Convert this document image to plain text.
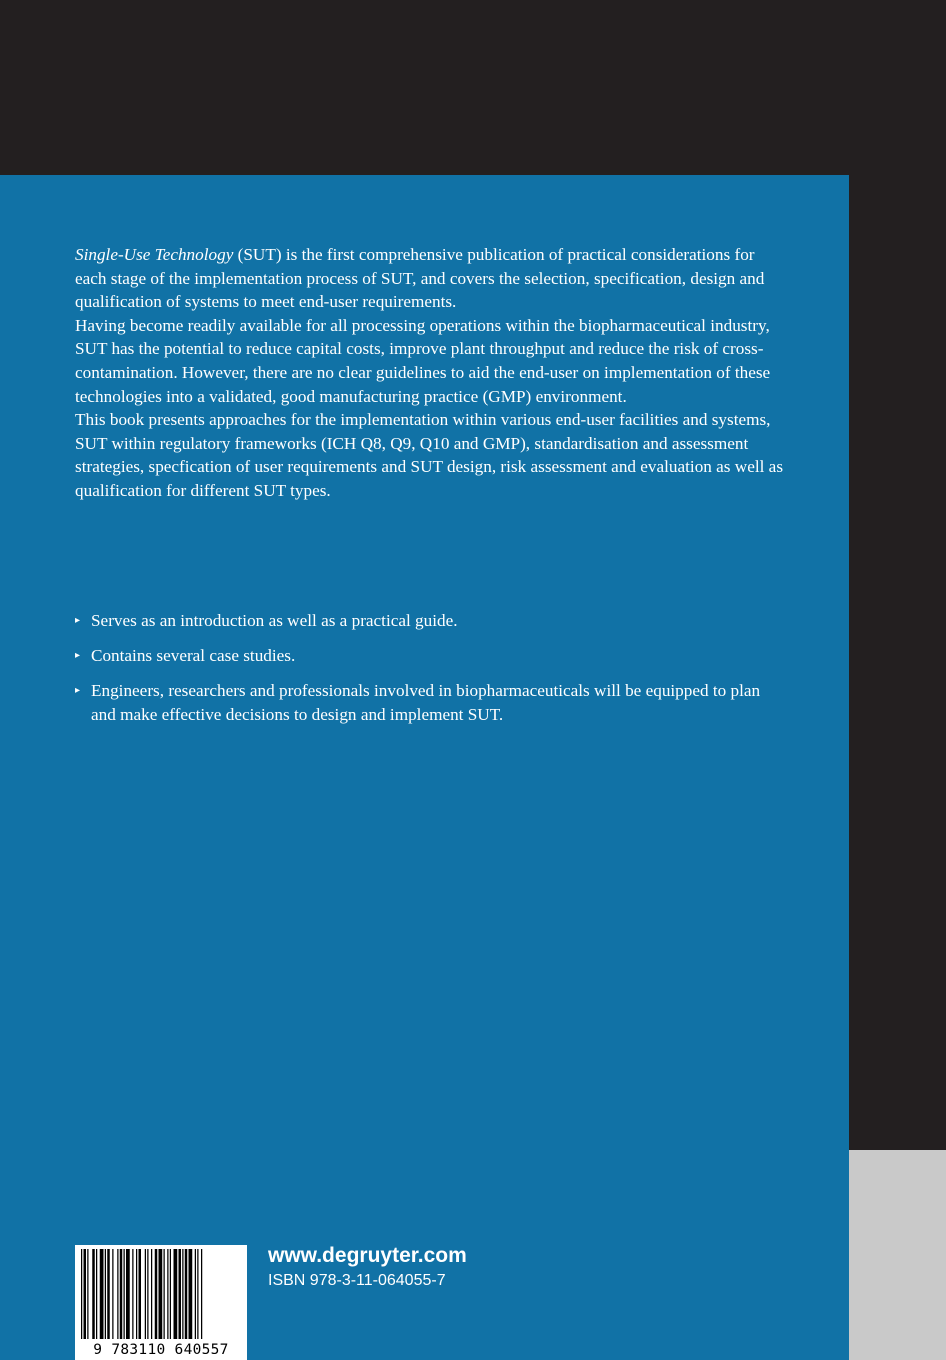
Single-Use Technology (SUT) is the first comprehensive publication of practical considerations for each stage of the implementation process of SUT, and covers the selection, specification, design and qualification of systems to meet end-user requirements.

Having become readily available for all processing operations within the biopharmaceutical industry, SUT has the potential to reduce capital costs, improve plant throughput and reduce the risk of cross-contamination. However, there are no clear guidelines to aid the end-user on implementation of these technologies into a validated, good manufacturing practice (GMP) environment.

This book presents approaches for the implementation within various end-user facilities and systems, SUT within regulatory frameworks (ICH Q8, Q9, Q10 and GMP), standardisation and assessment strategies, specfication of user requirements and SUT design, risk assessment and evaluation as well as qualification for different SUT types.

▸ Serves as an introduction as well as a practical guide.
▸ Contains several case studies.
▸ Engineers, researchers and professionals involved in biopharmaceuticals will be equipped to plan and make effective decisions to design and implement SUT.
9 783110 640557
www.degruyter.com
ISBN 978-3-11-064055-7
